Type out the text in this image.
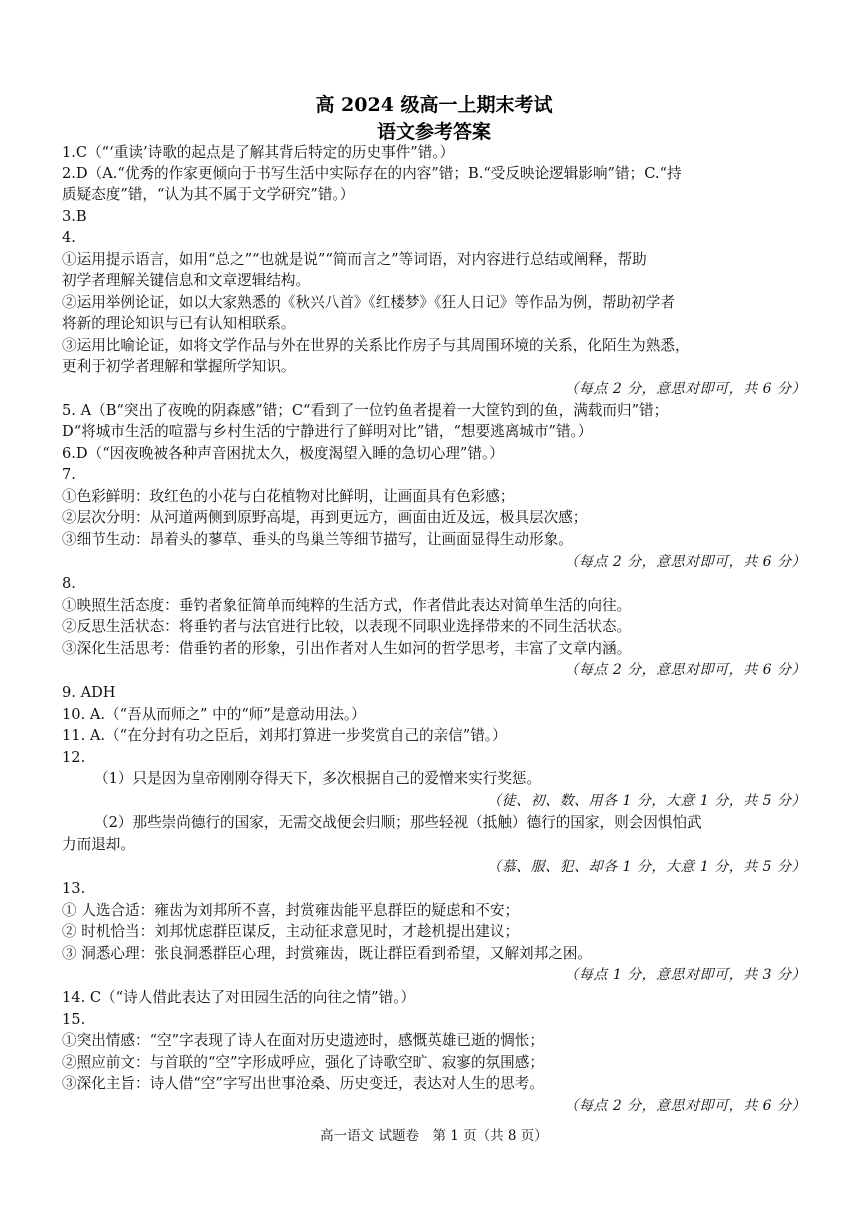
高 2024 级高一上期末考试
语文参考答案
1.C（“‘重读’诗歌的起点是了解其背后特定的历史事件”错。）
2.D（A.“优秀的作家更倾向于书写生活中实际存在的内容”错；B.“受反映论逻辑影响”错；C.“持
质疑态度”错，“认为其不属于文学研究”错。）
3.B
4.
①运用提示语言，如用“总之”“也就是说”“简而言之”等词语，对内容进行总结或阐释，帮助
初学者理解关键信息和文章逻辑结构。
②运用举例论证，如以大家熟悉的《秋兴八首》《红楼梦》《狂人日记》等作品为例，帮助初学者
将新的理论知识与已有认知相联系。
③运用比喻论证，如将文学作品与外在世界的关系比作房子与其周围环境的关系，化陌生为熟悉，
更利于初学者理解和掌握所学知识。
（每点 2 分，意思对即可，共 6 分）
5. A（B“突出了夜晚的阴森感”错；C“看到了一位钓鱼者提着一大筐钓到的鱼，满载而归”错；
D“将城市生活的喧嚣与乡村生活的宁静进行了鲜明对比”错，“想要逃离城市”错。）
6.D（“因夜晚被各种声音困扰太久，极度渴望入睡的急切心理”错。）
7.
①色彩鲜明：玫红色的小花与白花植物对比鲜明，让画面具有色彩感；
②层次分明：从河道两侧到原野高堤，再到更远方，画面由近及远，极具层次感；
③细节生动：昂着头的蓼草、垂头的鸟巢兰等细节描写，让画面显得生动形象。
（每点 2 分，意思对即可，共 6 分）
8.
①映照生活态度：垂钓者象征简单而纯粹的生活方式，作者借此表达对简单生活的向往。
②反思生活状态：将垂钓者与法官进行比较，以表现不同职业选择带来的不同生活状态。
③深化生活思考：借垂钓者的形象，引出作者对人生如河的哲学思考，丰富了文章内涵。
（每点 2 分，意思对即可，共 6 分）
9. ADH
10. A.（“吾从而师之” 中的“师”是意动用法。）
11. A.（“在分封有功之臣后，刘邦打算进一步奖赏自己的亲信”错。）
12.
（1）只是因为皇帝刚刚夺得天下，多次根据自己的爱憎来实行奖惩。
（徒、初、数、用各 1 分，大意 1 分，共 5 分）
（2）那些崇尚德行的国家，无需交战便会归顺；那些轻视（抵触）德行的国家，则会因惧怕武
力而退却。
（慕、服、犯、却各 1 分，大意 1 分，共 5 分）
13.
① 人选合适：雍齿为刘邦所不喜，封赏雍齿能平息群臣的疑虑和不安；
② 时机恰当：刘邦忧虑群臣谋反，主动征求意见时，才趁机提出建议；
③ 洞悉心理：张良洞悉群臣心理，封赏雍齿，既让群臣看到希望，又解刘邦之困。
（每点 1 分，意思对即可，共 3 分）
14. C（“诗人借此表达了对田园生活的向往之情”错。）
15.
①突出情感：“空”字表现了诗人在面对历史遗迹时，感慨英雄已逝的惆怅；
②照应前文：与首联的“空”字形成呼应，强化了诗歌空旷、寂寥的氛围感；
③深化主旨：诗人借“空”字写出世事沧桑、历史变迁，表达对人生的思考。
（每点 2 分，意思对即可，共 6 分）
高一语文 试题卷　第 1 页（共 8 页）
